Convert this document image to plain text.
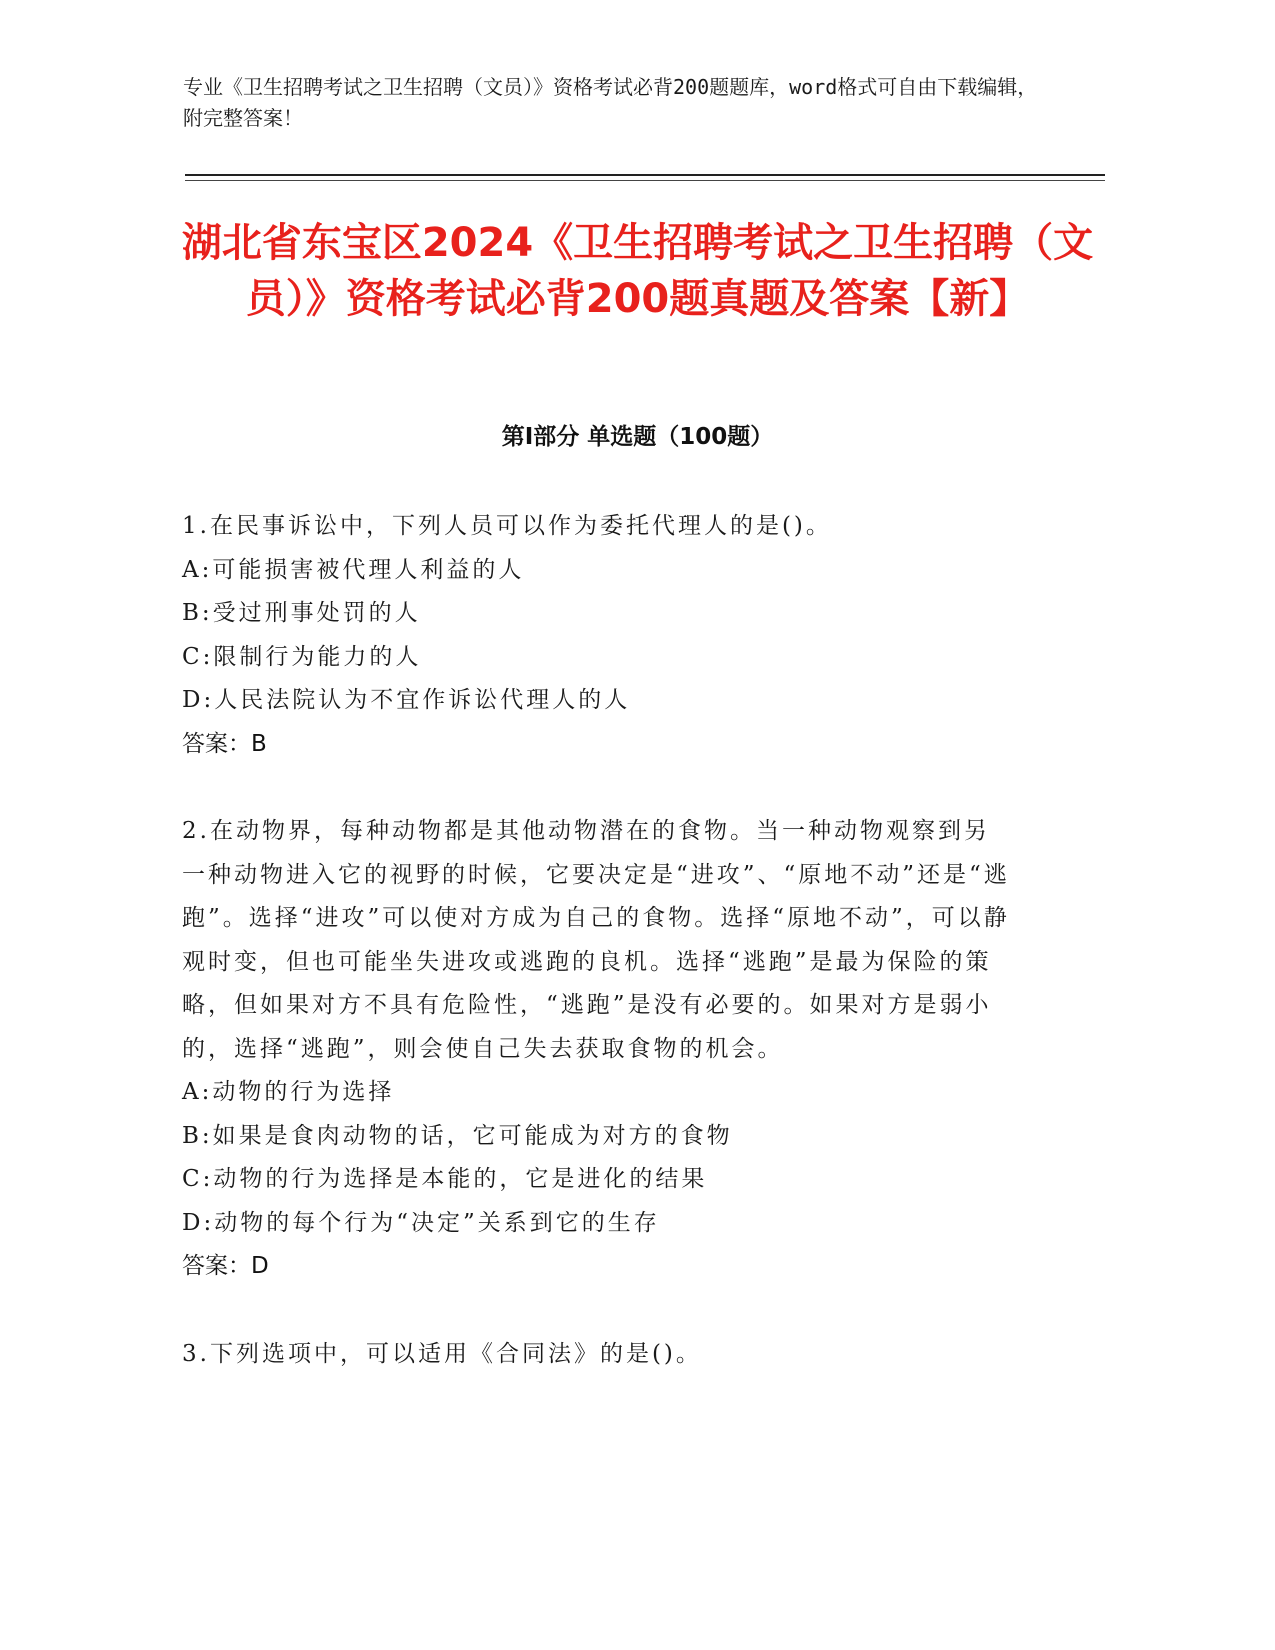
专业《卫生招聘考试之卫生招聘（文员）》资格考试必背200题题库，word格式可自由下载编辑，附完整答案！
湖北省东宝区2024《卫生招聘考试之卫生招聘（文员）》资格考试必背200题真题及答案【新】
第I部分 单选题（100题）
1.在民事诉讼中，下列人员可以作为委托代理人的是()。
A:可能损害被代理人利益的人
B:受过刑事处罚的人
C:限制行为能力的人
D:人民法院认为不宜作诉讼代理人的人
答案：B
2.在动物界，每种动物都是其他动物潜在的食物。当一种动物观察到另一种动物进入它的视野的时候，它要决定是“进攻”、“原地不动”还是“逃跑”。选择“进攻”可以使对方成为自己的食物。选择“原地不动”，可以静观时变，但也可能坐失进攻或逃跑的良机。选择“逃跑”是最为保险的策略，但如果对方不具有危险性，“逃跑”是没有必要的。如果对方是弱小的，选择“逃跑”，则会使自己失去获取食物的机会。
A:动物的行为选择
B:如果是食肉动物的话，它可能成为对方的食物
C:动物的行为选择是本能的，它是进化的结果
D:动物的每个行为“决定”关系到它的生存
答案：D
3.下列选项中，可以适用《合同法》的是()。
